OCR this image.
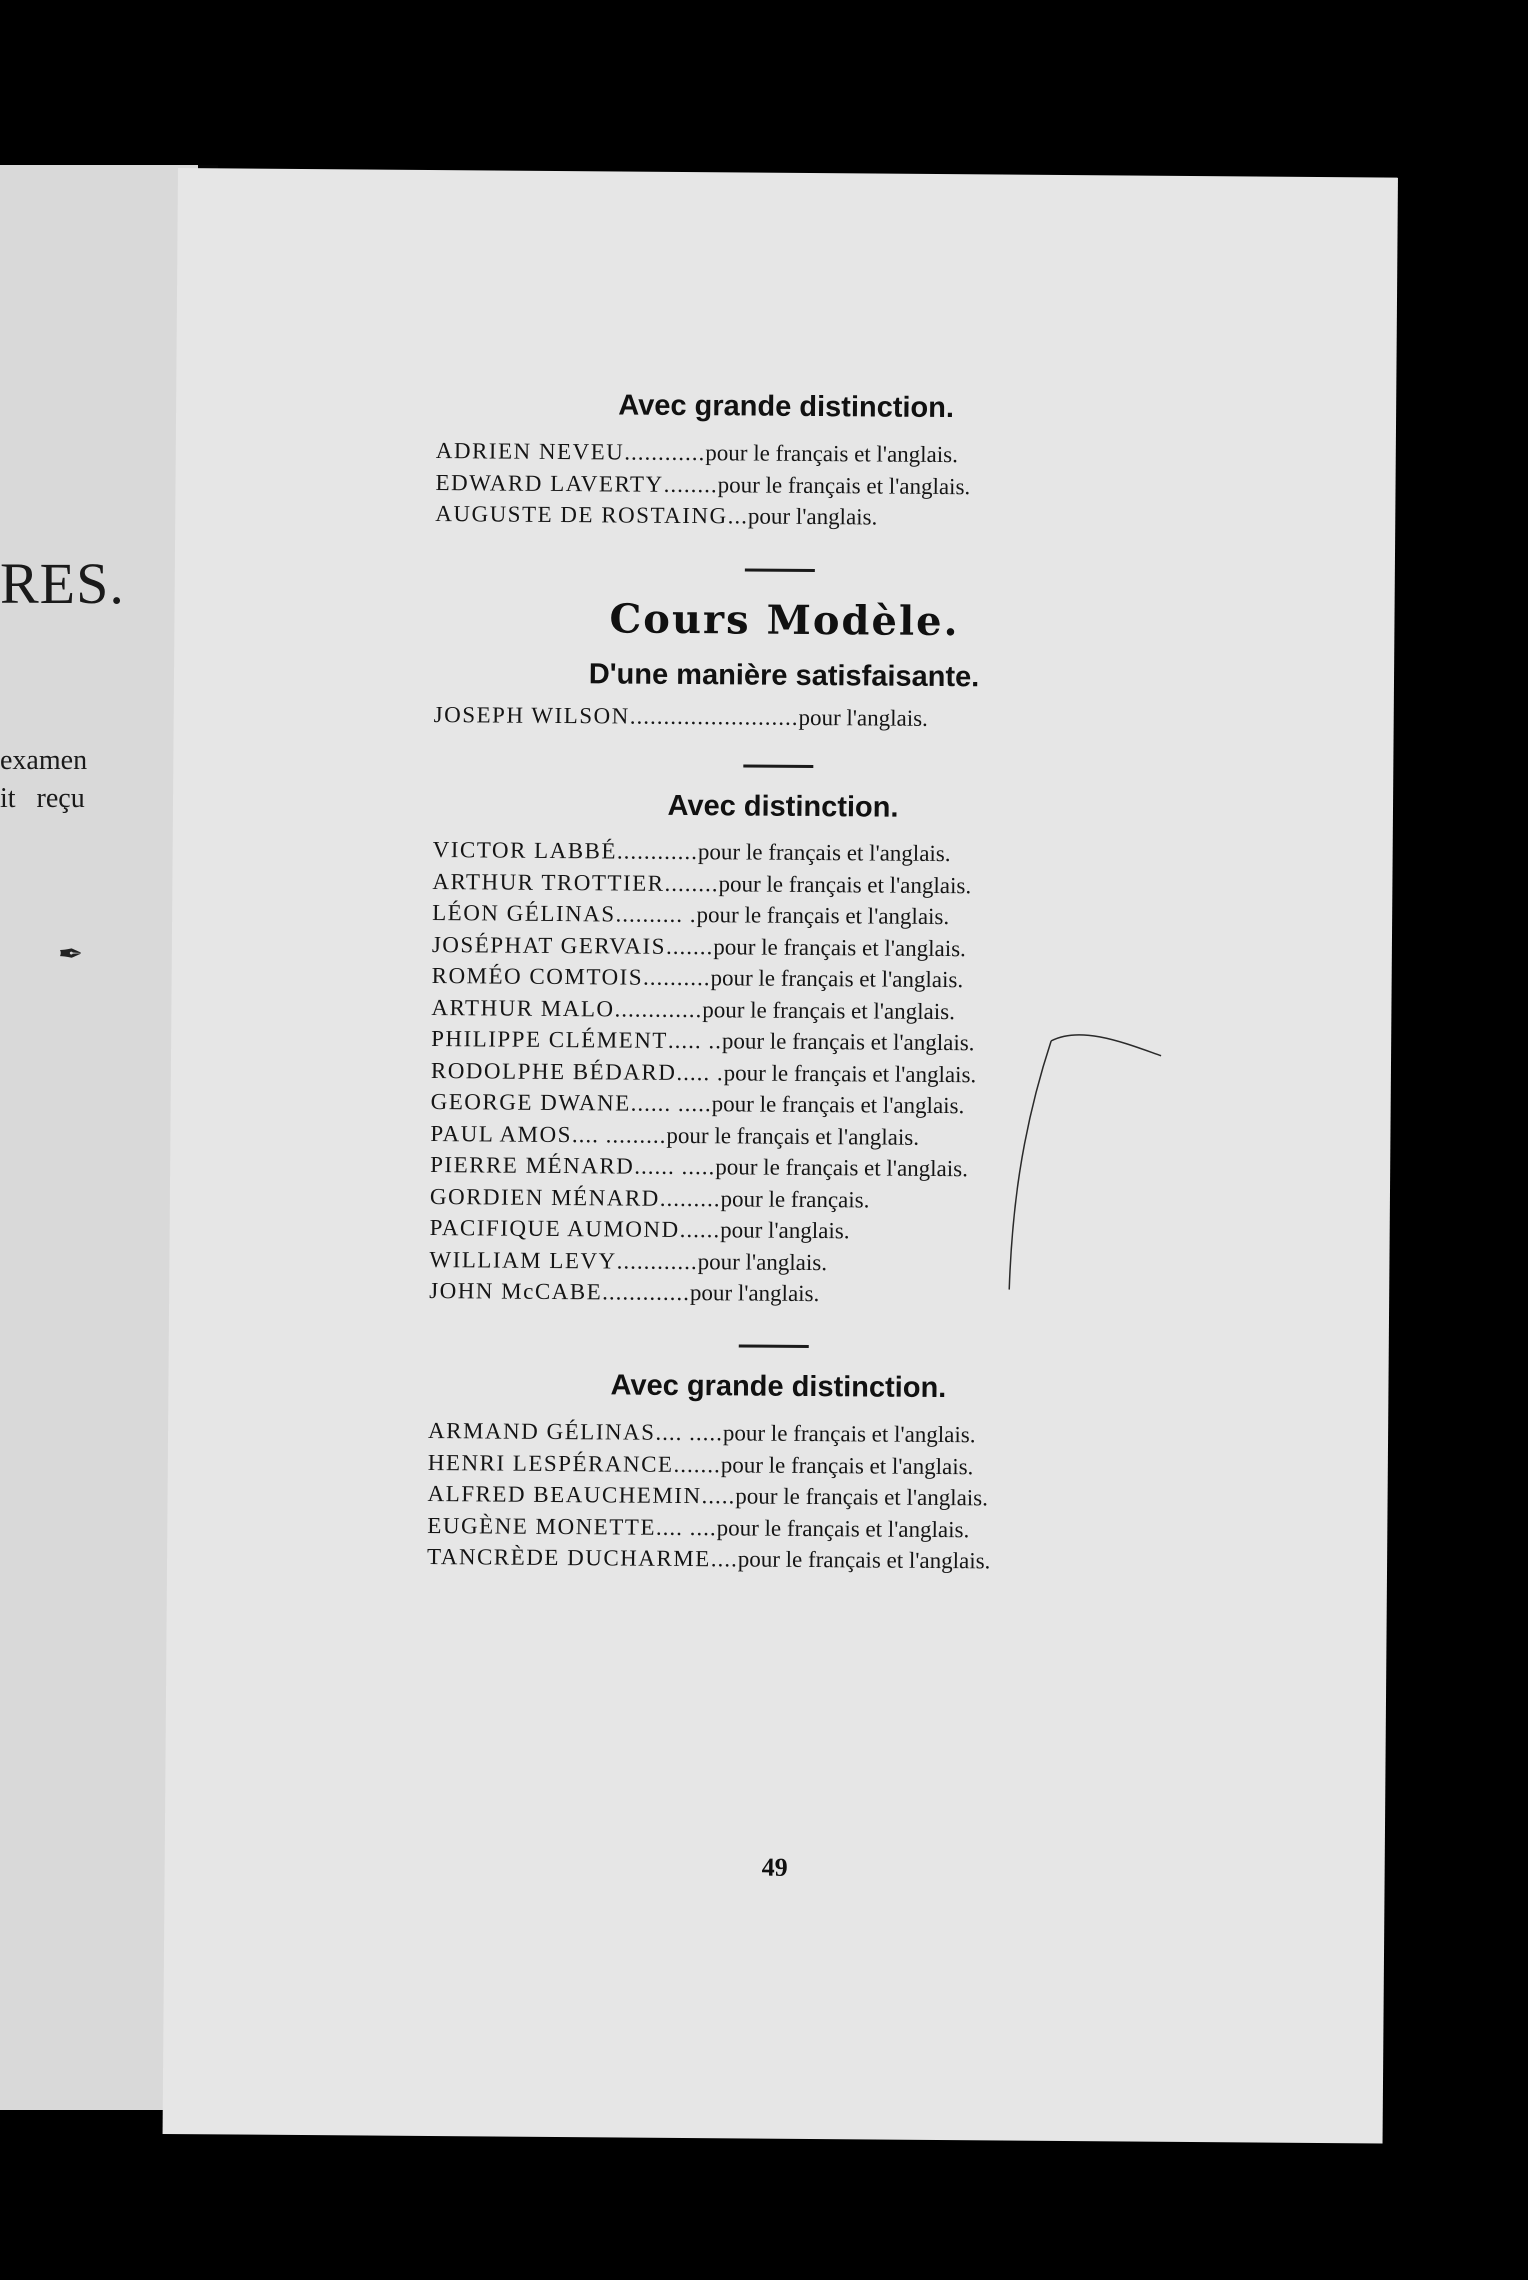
RES.
examen
it   reçu
✒
Avec grande distinction.
ADRIEN NEVEU ............ pour le français et l'anglais.
EDWARD LAVERTY ........ pour le français et l'anglais.
AUGUSTE DE ROSTAING ... pour l'anglais.
Cours Modèle.
D'une manière satisfaisante.
JOSEPH WILSON ......................... pour l'anglais.
Avec distinction.
VICTOR LABBÉ ............ pour le français et l'anglais.
ARTHUR TROTTIER ........ pour le français et l'anglais.
LÉON GÉLINAS .......... . pour le français et l'anglais.
JOSÉPHAT GERVAIS ....... pour le français et l'anglais.
ROMÉO COMTOIS .......... pour le français et l'anglais.
ARTHUR MALO ............. pour le français et l'anglais.
PHILIPPE CLÉMENT ..... .. pour le français et l'anglais.
RODOLPHE BÉDARD ..... . pour le français et l'anglais.
GEORGE DWANE ...... ..... pour le français et l'anglais.
PAUL AMOS .... ......... pour le français et l'anglais.
PIERRE MÉNARD ...... ..... pour le français et l'anglais.
GORDIEN MÉNARD ......... pour le français.
PACIFIQUE AUMOND ...... pour l'anglais.
WILLIAM LEVY ............ pour l'anglais.
JOHN McCABE ............. pour l'anglais.
Avec grande distinction.
ARMAND GÉLINAS .... ..... pour le français et l'anglais.
HENRI LESPÉRANCE ....... pour le français et l'anglais.
ALFRED BEAUCHEMIN ..... pour le français et l'anglais.
EUGÈNE MONETTE .... .... pour le français et l'anglais.
TANCRÈDE DUCHARME .... pour le français et l'anglais.
49
